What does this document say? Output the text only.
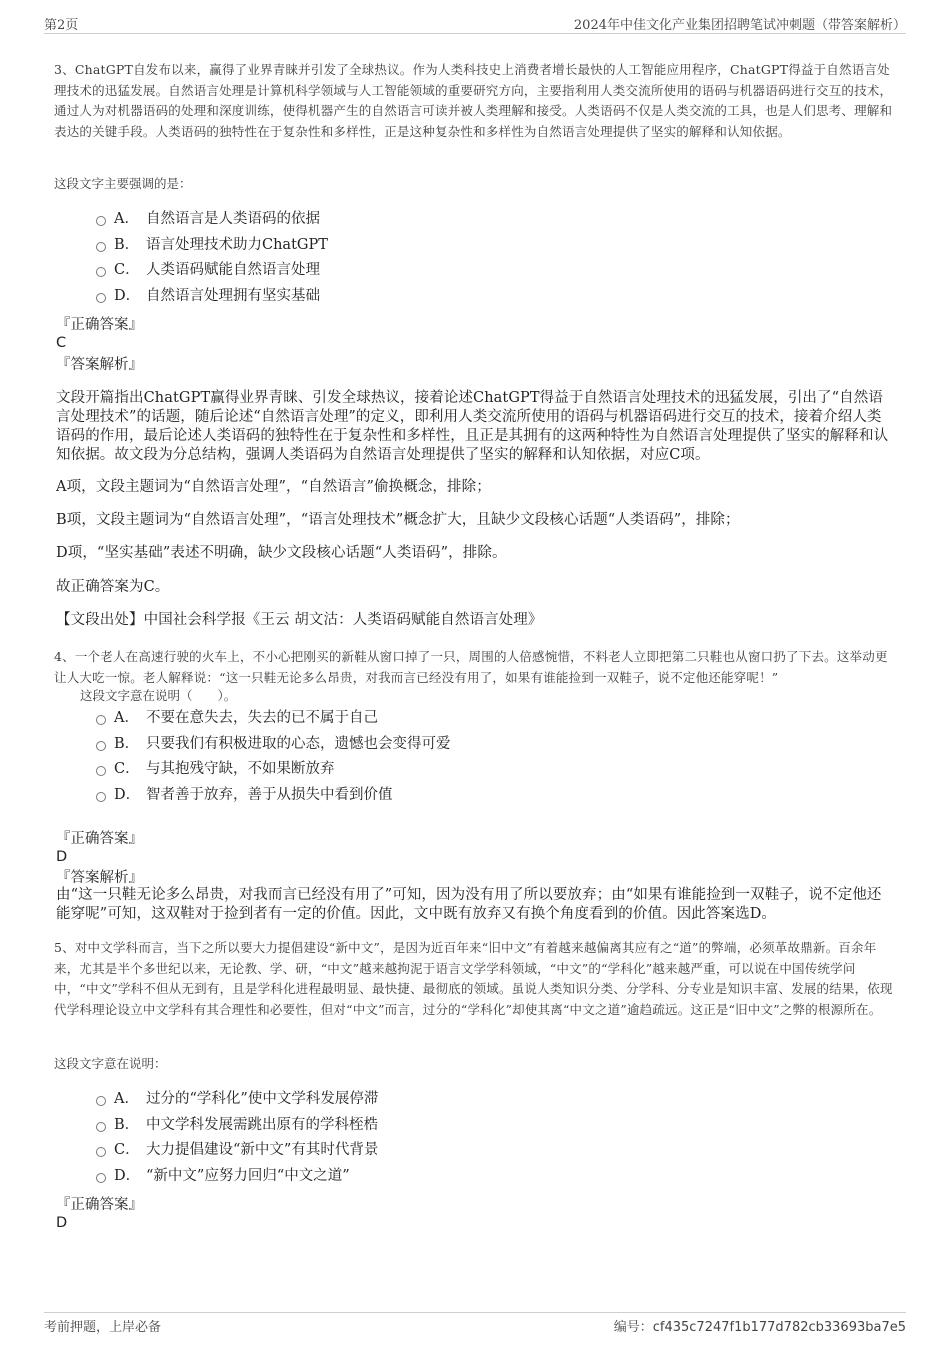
第2页	2024年中佳文化产业集团招聘笔试冲刺题（带答案解析）
3、ChatGPT自发布以来，赢得了业界青睐并引发了全球热议。作为人类科技史上消费者增长最快的人工智能应用程序，ChatGPT得益于自然语言处理技术的迅猛发展。自然语言处理是计算机科学领域与人工智能领域的重要研究方向，主要指利用人类交流所使用的语码与机器语码进行交互的技术，通过人为对机器语码的处理和深度训练，使得机器产生的自然语言可读并被人类理解和接受。人类语码不仅是人类交流的工具，也是人们思考、理解和表达的关键手段。人类语码的独特性在于复杂性和多样性，正是这种复杂性和多样性为自然语言处理提供了坚实的解释和认知依据。
这段文字主要强调的是：
A． 自然语言是人类语码的依据
B． 语言处理技术助力ChatGPT
C． 人类语码赋能自然语言处理
D． 自然语言处理拥有坚实基础
『正确答案』
C
『答案解析』
文段开篇指出ChatGPT赢得业界青睐、引发全球热议，接着论述ChatGPT得益于自然语言处理技术的迅猛发展，引出了“自然语言处理技术”的话题，随后论述“自然语言处理”的定义，即利用人类交流所使用的语码与机器语码进行交互的技术，接着介绍人类语码的作用，最后论述人类语码的独特性在于复杂性和多样性，且正是其拥有的这两种特性为自然语言处理提供了坚实的解释和认知依据。故文段为分总结构，强调人类语码为自然语言处理提供了坚实的解释和认知依据，对应C项。
A项，文段主题词为“自然语言处理”，“自然语言”偷换概念，排除；
B项，文段主题词为“自然语言处理”，“语言处理技术”概念扩大，且缺少文段核心话题“人类语码”，排除；
D项，“坚实基础”表述不明确，缺少文段核心话题“人类语码”，排除。
故正确答案为C。
【文段出处】中国社会科学报《王云 胡文沽：人类语码赋能自然语言处理》
4、一个老人在高速行驶的火车上，不小心把刚买的新鞋从窗口掉了一只，周围的人倍感惋惜，不料老人立即把第二只鞋也从窗口扔了下去。这举动更让人大吃一惊。老人解释说：“这一只鞋无论多么昂贵，对我而言已经没有用了，如果有谁能捡到一双鞋子，说不定他还能穿呢！”
这段文字意在说明（　　）。
A． 不要在意失去，失去的已不属于自己
B． 只要我们有积极进取的心态，遗憾也会变得可爱
C． 与其抱残守缺，不如果断放弃
D． 智者善于放弃，善于从损失中看到价值
『正确答案』
D
『答案解析』
由“这一只鞋无论多么昂贵，对我而言已经没有用了”可知，因为没有用了所以要放弃；由“如果有谁能捡到一双鞋子，说不定他还能穿呢”可知，这双鞋对于捡到者有一定的价值。因此，文中既有放弃又有换个角度看到的价值。因此答案选D。
5、对中文学科而言，当下之所以要大力提倡建设“新中文”，是因为近百年来“旧中文”有着越来越偏离其应有之“道”的弊端，必须革故鼎新。百余年来，尤其是半个多世纪以来，无论教、学、研，“中文”越来越拘泥于语言文学学科领域，“中文”的“学科化”越来越严重，可以说在中国传统学问中，“中文”学科不但从无到有，且是学科化进程最明显、最快捷、最彻底的领域。虽说人类知识分类、分学科、分专业是知识丰富、发展的结果，依现代学科理论设立中文学科有其合理性和必要性，但对“中文”而言，过分的“学科化”却使其离“中文之道”逾趋疏远。这正是“旧中文”之弊的根源所在。
这段文字意在说明：
A． 过分的“学科化”使中文学科发展停滞
B． 中文学科发展需跳出原有的学科桎梏
C． 大力提倡建设“新中文”有其时代背景
D． “新中文”应努力回归“中文之道”
『正确答案』
D
考前押题，上岸必备	编号：cf435c7247f1b177d782cb33693ba7e5
